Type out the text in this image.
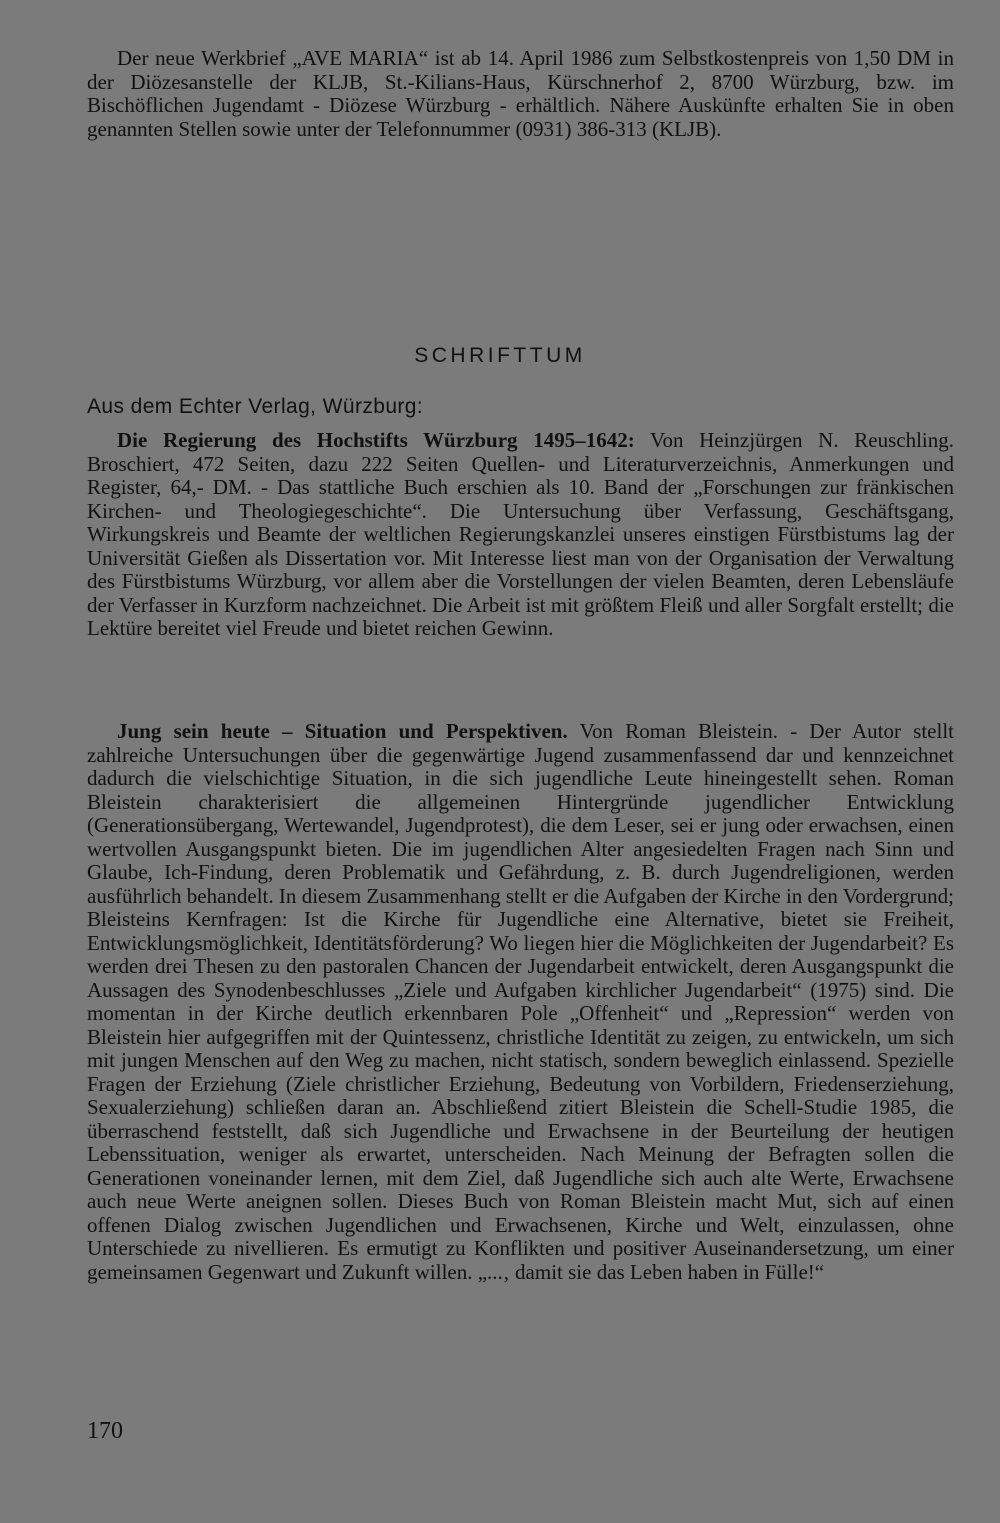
Der neue Werkbrief „AVE MARIA“ ist ab 14. April 1986 zum Selbstkostenpreis von 1,50 DM in der Diözesanstelle der KLJB, St.-Kilians-Haus, Kürschnerhof 2, 8700 Würzburg, bzw. im Bischöflichen Jugendamt - Diözese Würzburg - erhältlich. Nähere Auskünfte erhalten Sie in oben genannten Stellen sowie unter der Telefonnummer (0931) 386-313 (KLJB).

SCHRIFTTUM
Aus dem Echter Verlag, Würzburg:

Die Regierung des Hochstifts Würzburg 1495–1642: Von Heinzjürgen N. Reuschling. Broschiert, 472 Seiten, dazu 222 Seiten Quellen- und Literaturverzeichnis, Anmerkungen und Register, 64,- DM. - Das stattliche Buch erschien als 10. Band der „Forschungen zur fränkischen Kirchen- und Theologiegeschichte“. Die Untersuchung über Verfassung, Geschäftsgang, Wirkungskreis und Beamte der weltlichen Regierungskanzlei unseres einstigen Fürstbistums lag der Universität Gießen als Dissertation vor. Mit Interesse liest man von der Organisation der Verwaltung des Fürstbistums Würzburg, vor allem aber die Vorstellungen der vielen Beamten, deren Lebensläufe der Verfasser in Kurzform nachzeichnet. Die Arbeit ist mit größtem Fleiß und aller Sorgfalt erstellt; die Lektüre bereitet viel Freude und bietet reichen Gewinn.

Jung sein heute – Situation und Perspektiven. Von Roman Bleistein. - Der Autor stellt zahlreiche Untersuchungen über die gegenwärtige Jugend zusammenfassend dar und kennzeichnet dadurch die vielschichtige Situation, in die sich jugendliche Leute hineingestellt sehen. Roman Bleistein charakterisiert die allgemeinen Hintergründe jugendlicher Entwicklung (Generationsübergang, Wertewandel, Jugendprotest), die dem Leser, sei er jung oder erwachsen, einen wertvollen Ausgangspunkt bieten. Die im jugendlichen Alter angesiedelten Fragen nach Sinn und Glaube, Ich-Findung, deren Problematik und Gefährdung, z. B. durch Jugendreligionen, werden ausführlich behandelt. In diesem Zusammenhang stellt er die Aufgaben der Kirche in den Vordergrund; Bleisteins Kernfragen: Ist die Kirche für Jugendliche eine Alternative, bietet sie Freiheit, Entwicklungsmöglichkeit, Identitätsförderung? Wo liegen hier die Möglichkeiten der Jugendarbeit? Es werden drei Thesen zu den pastoralen Chancen der Jugendarbeit entwickelt, deren Ausgangspunkt die Aussagen des Synodenbeschlusses „Ziele und Aufgaben kirchlicher Jugendarbeit“ (1975) sind. Die momentan in der Kirche deutlich erkennbaren Pole „Offenheit“ und „Repression“ werden von Bleistein hier aufgegriffen mit der Quintessenz, christliche Identität zu zeigen, zu entwickeln, um sich mit jungen Menschen auf den Weg zu machen, nicht statisch, sondern beweglich einlassend. Spezielle Fragen der Erziehung (Ziele christlicher Erziehung, Bedeutung von Vorbildern, Friedenserziehung, Sexualerziehung) schließen daran an. Abschließend zitiert Bleistein die Schell-Studie 1985, die überraschend feststellt, daß sich Jugendliche und Erwachsene in der Beurteilung der heutigen Lebenssituation, weniger als erwartet, unterscheiden. Nach Meinung der Befragten sollen die Generationen voneinander lernen, mit dem Ziel, daß Jugendliche sich auch alte Werte, Erwachsene auch neue Werte aneignen sollen. Dieses Buch von Roman Bleistein macht Mut, sich auf einen offenen Dialog zwischen Jugendlichen und Erwachsenen, Kirche und Welt, einzulassen, ohne Unterschiede zu nivellieren. Es ermutigt zu Konflikten und positiver Auseinandersetzung, um einer gemeinsamen Gegenwart und Zukunft willen. „...‚ damit sie das Leben haben in Fülle!“

170
